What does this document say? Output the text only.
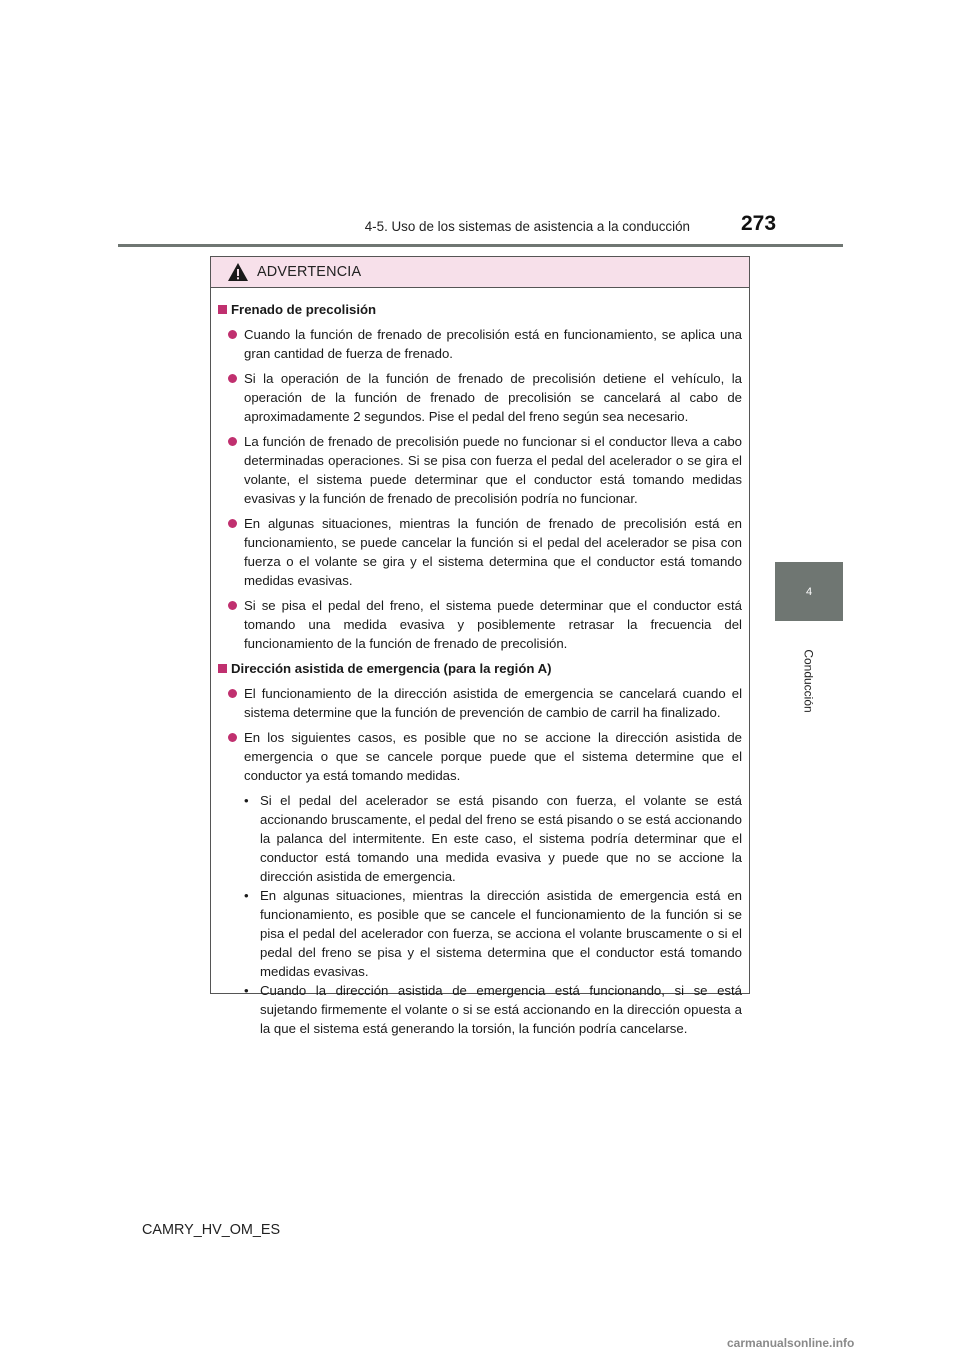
4-5. Uso de los sistemas de asistencia a la conducción 273
4
Conducción
ADVERTENCIA
Frenado de precolisión
Cuando la función de frenado de precolisión está en funcionamiento, se aplica una gran cantidad de fuerza de frenado.
Si la operación de la función de frenado de precolisión detiene el vehículo, la operación de la función de frenado de precolisión se cancelará al cabo de aproximadamente 2 segundos. Pise el pedal del freno según sea necesario.
La función de frenado de precolisión puede no funcionar si el conductor lleva a cabo determinadas operaciones. Si se pisa con fuerza el pedal del acelerador o se gira el volante, el sistema puede determinar que el conductor está tomando medidas evasivas y la función de frenado de precolisión podría no funcionar.
En algunas situaciones, mientras la función de frenado de precolisión está en funcionamiento, se puede cancelar la función si el pedal del acelerador se pisa con fuerza o el volante se gira y el sistema determina que el conductor está tomando medidas evasivas.
Si se pisa el pedal del freno, el sistema puede determinar que el conductor está tomando una medida evasiva y posiblemente retrasar la frecuencia del funcionamiento de la función de frenado de precolisión.
Dirección asistida de emergencia (para la región A)
El funcionamiento de la dirección asistida de emergencia se cancelará cuando el sistema determine que la función de prevención de cambio de carril ha finalizado.
En los siguientes casos, es posible que no se accione la dirección asistida de emergencia o que se cancele porque puede que el sistema determine que el conductor ya está tomando medidas.
• Si el pedal del acelerador se está pisando con fuerza, el volante se está accionando bruscamente, el pedal del freno se está pisando o se está accionando la palanca del intermitente. En este caso, el sistema podría determinar que el conductor está tomando una medida evasiva y puede que no se accione la dirección asistida de emergencia.
• En algunas situaciones, mientras la dirección asistida de emergencia está en funcionamiento, es posible que se cancele el funcionamiento de la función si se pisa el pedal del acelerador con fuerza, se acciona el volante bruscamente o si el pedal del freno se pisa y el sistema determina que el conductor está tomando medidas evasivas.
• Cuando la dirección asistida de emergencia está funcionando, si se está sujetando firmemente el volante o si se está accionando en la dirección opuesta a la que el sistema está generando la torsión, la función podría cancelarse.
CAMRY_HV_OM_ES
carmanualsonline.info
